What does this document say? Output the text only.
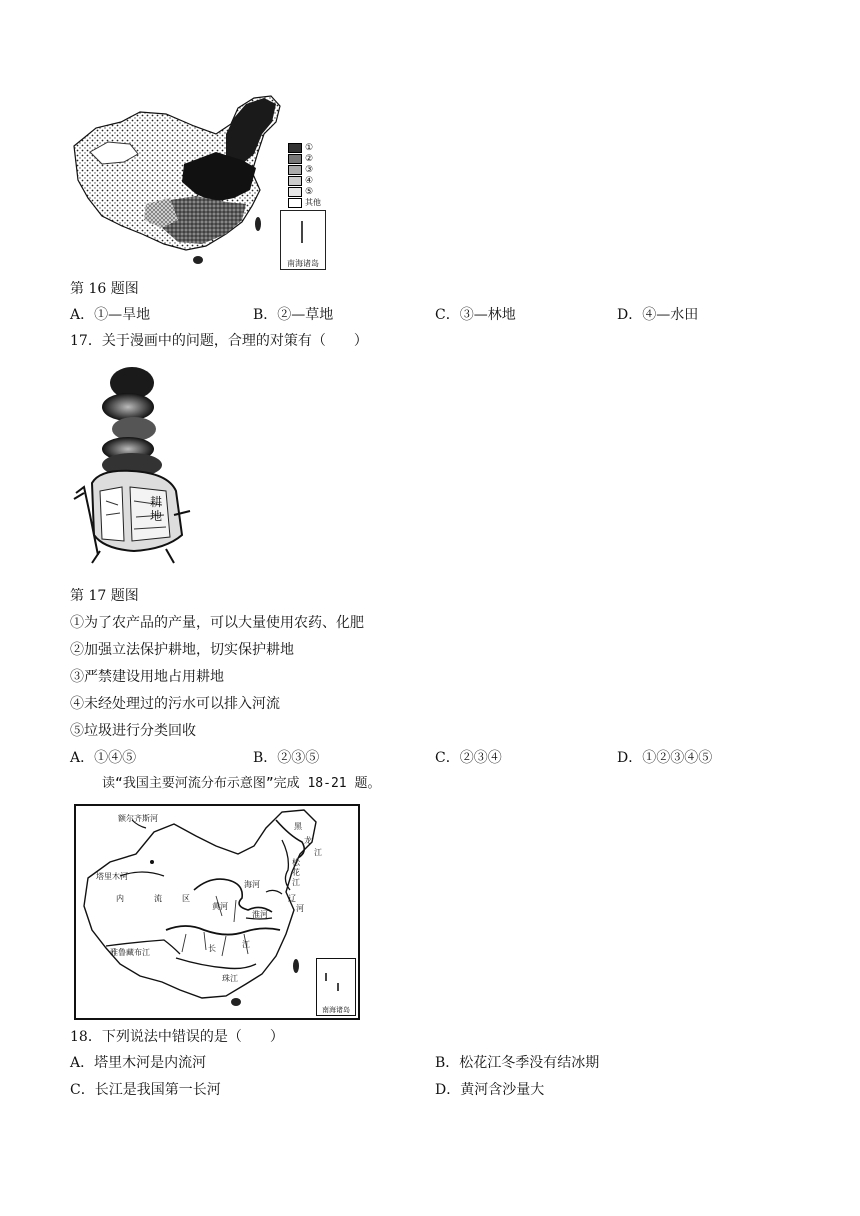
①
②
③
④
⑤
其他
南海诸岛
第 16 题图
A．①—旱地	B．②—草地	C．③—林地	D．④—水田
17．关于漫画中的问题，合理的对策有（　　）
耕地
第 17 题图
①为了农产品的产量，可以大量使用农药、化肥
②加强立法保护耕地，切实保护耕地
③严禁建设用地占用耕地
④未经处理过的污水可以排入河流
⑤垃圾进行分类回收
A．①④⑤	B．②③⑤	C．②③④	D．①②③④⑤
读“我国主要河流分布示意图”完成 18-21 题。
额尔齐斯河
塔里木河
内	流	区
雅鲁藏布江
黑
龙
江
松花江
辽
河
海河
黄河
淮河
长	江
珠江
南海诸岛
18．下列说法中错误的是（　　）
A．塔里木河是内流河	B．松花江冬季没有结冰期
C．长江是我国第一长河	D．黄河含沙量大
